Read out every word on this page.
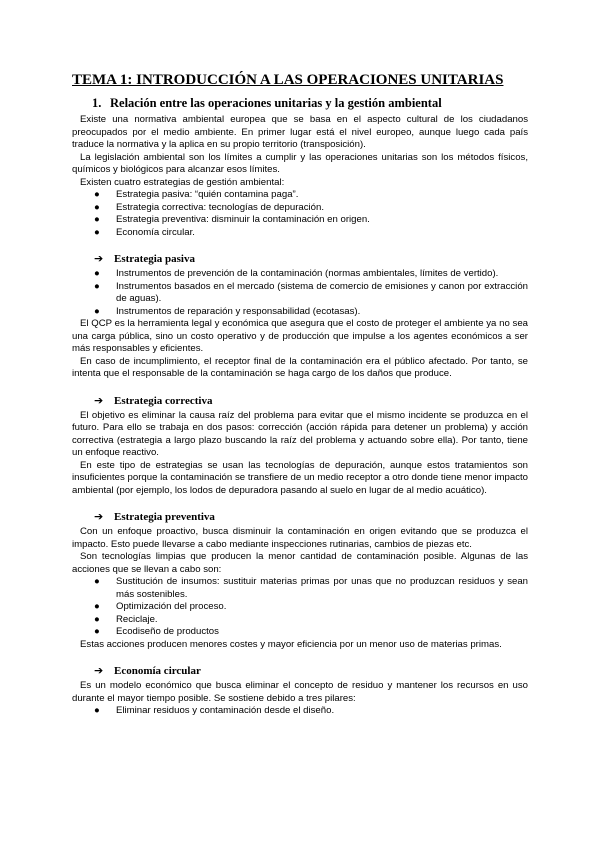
TEMA 1: INTRODUCCIÓN A LAS OPERACIONES UNITARIAS
1. Relación entre las operaciones unitarias y la gestión ambiental

Existe una normativa ambiental europea que se basa en el aspecto cultural de los ciudadanos preocupados por el medio ambiente. En primer lugar está el nivel europeo, aunque luego cada país traduce la normativa y la aplica en su propio territorio (transposición).

La legislación ambiental son los límites a cumplir y las operaciones unitarias son los métodos físicos, químicos y biológicos para alcanzar esos límites.

Existen cuatro estrategias de gestión ambiental:

● Estrategia pasiva: “quién contamina paga”.
● Estrategia correctiva: tecnologías de depuración.
● Estrategia preventiva: disminuir la contaminación en origen.
● Economía circular.
➔ Estrategia pasiva
● Instrumentos de prevención de la contaminación (normas ambientales, límites de vertido).
● Instrumentos basados en el mercado (sistema de comercio de emisiones y canon por extracción de aguas).
● Instrumentos de reparación y responsabilidad (ecotasas).

El QCP es la herramienta legal y económica que asegura que el costo de proteger el ambiente ya no sea una carga pública, sino un costo operativo y de producción que impulse a los agentes económicos a ser más responsables y eficientes.

En caso de incumplimiento, el receptor final de la contaminación era el público afectado. Por tanto, se intenta que el responsable de la contaminación se haga cargo de los daños que produce.

➔ Estrategia correctiva

El objetivo es eliminar la causa raíz del problema para evitar que el mismo incidente se produzca en el futuro. Para ello se trabaja en dos pasos: corrección (acción rápida para detener un problema) y acción correctiva (estrategia a largo plazo buscando la raíz del problema y actuando sobre ella). Por tanto, tiene un enfoque reactivo.

En este tipo de estrategias se usan las tecnologías de depuración, aunque estos tratamientos son insuficientes porque la contaminación se transfiere de un medio receptor a otro donde tiene menor impacto ambiental (por ejemplo, los lodos de depuradora pasando al suelo en lugar de al medio acuático).

➔ Estrategia preventiva

Con un enfoque proactivo, busca disminuir la contaminación en origen evitando que se produzca el impacto. Esto puede llevarse a cabo mediante inspecciones rutinarias, cambios de piezas etc.

Son tecnologías limpias que producen la menor cantidad de contaminación posible. Algunas de las acciones que se llevan a cabo son:

● Sustitución de insumos: sustituir materias primas por unas que no produzcan residuos y sean más sostenibles.
● Optimización del proceso.
● Reciclaje.
● Ecodiseño de productos

Estas acciones producen menores costes y mayor eficiencia por un menor uso de materias primas.

➔ Economía circular

Es un modelo económico que busca eliminar el concepto de residuo y mantener los recursos en uso durante el mayor tiempo posible. Se sostiene debido a tres pilares:

● Eliminar residuos y contaminación desde el diseño.
